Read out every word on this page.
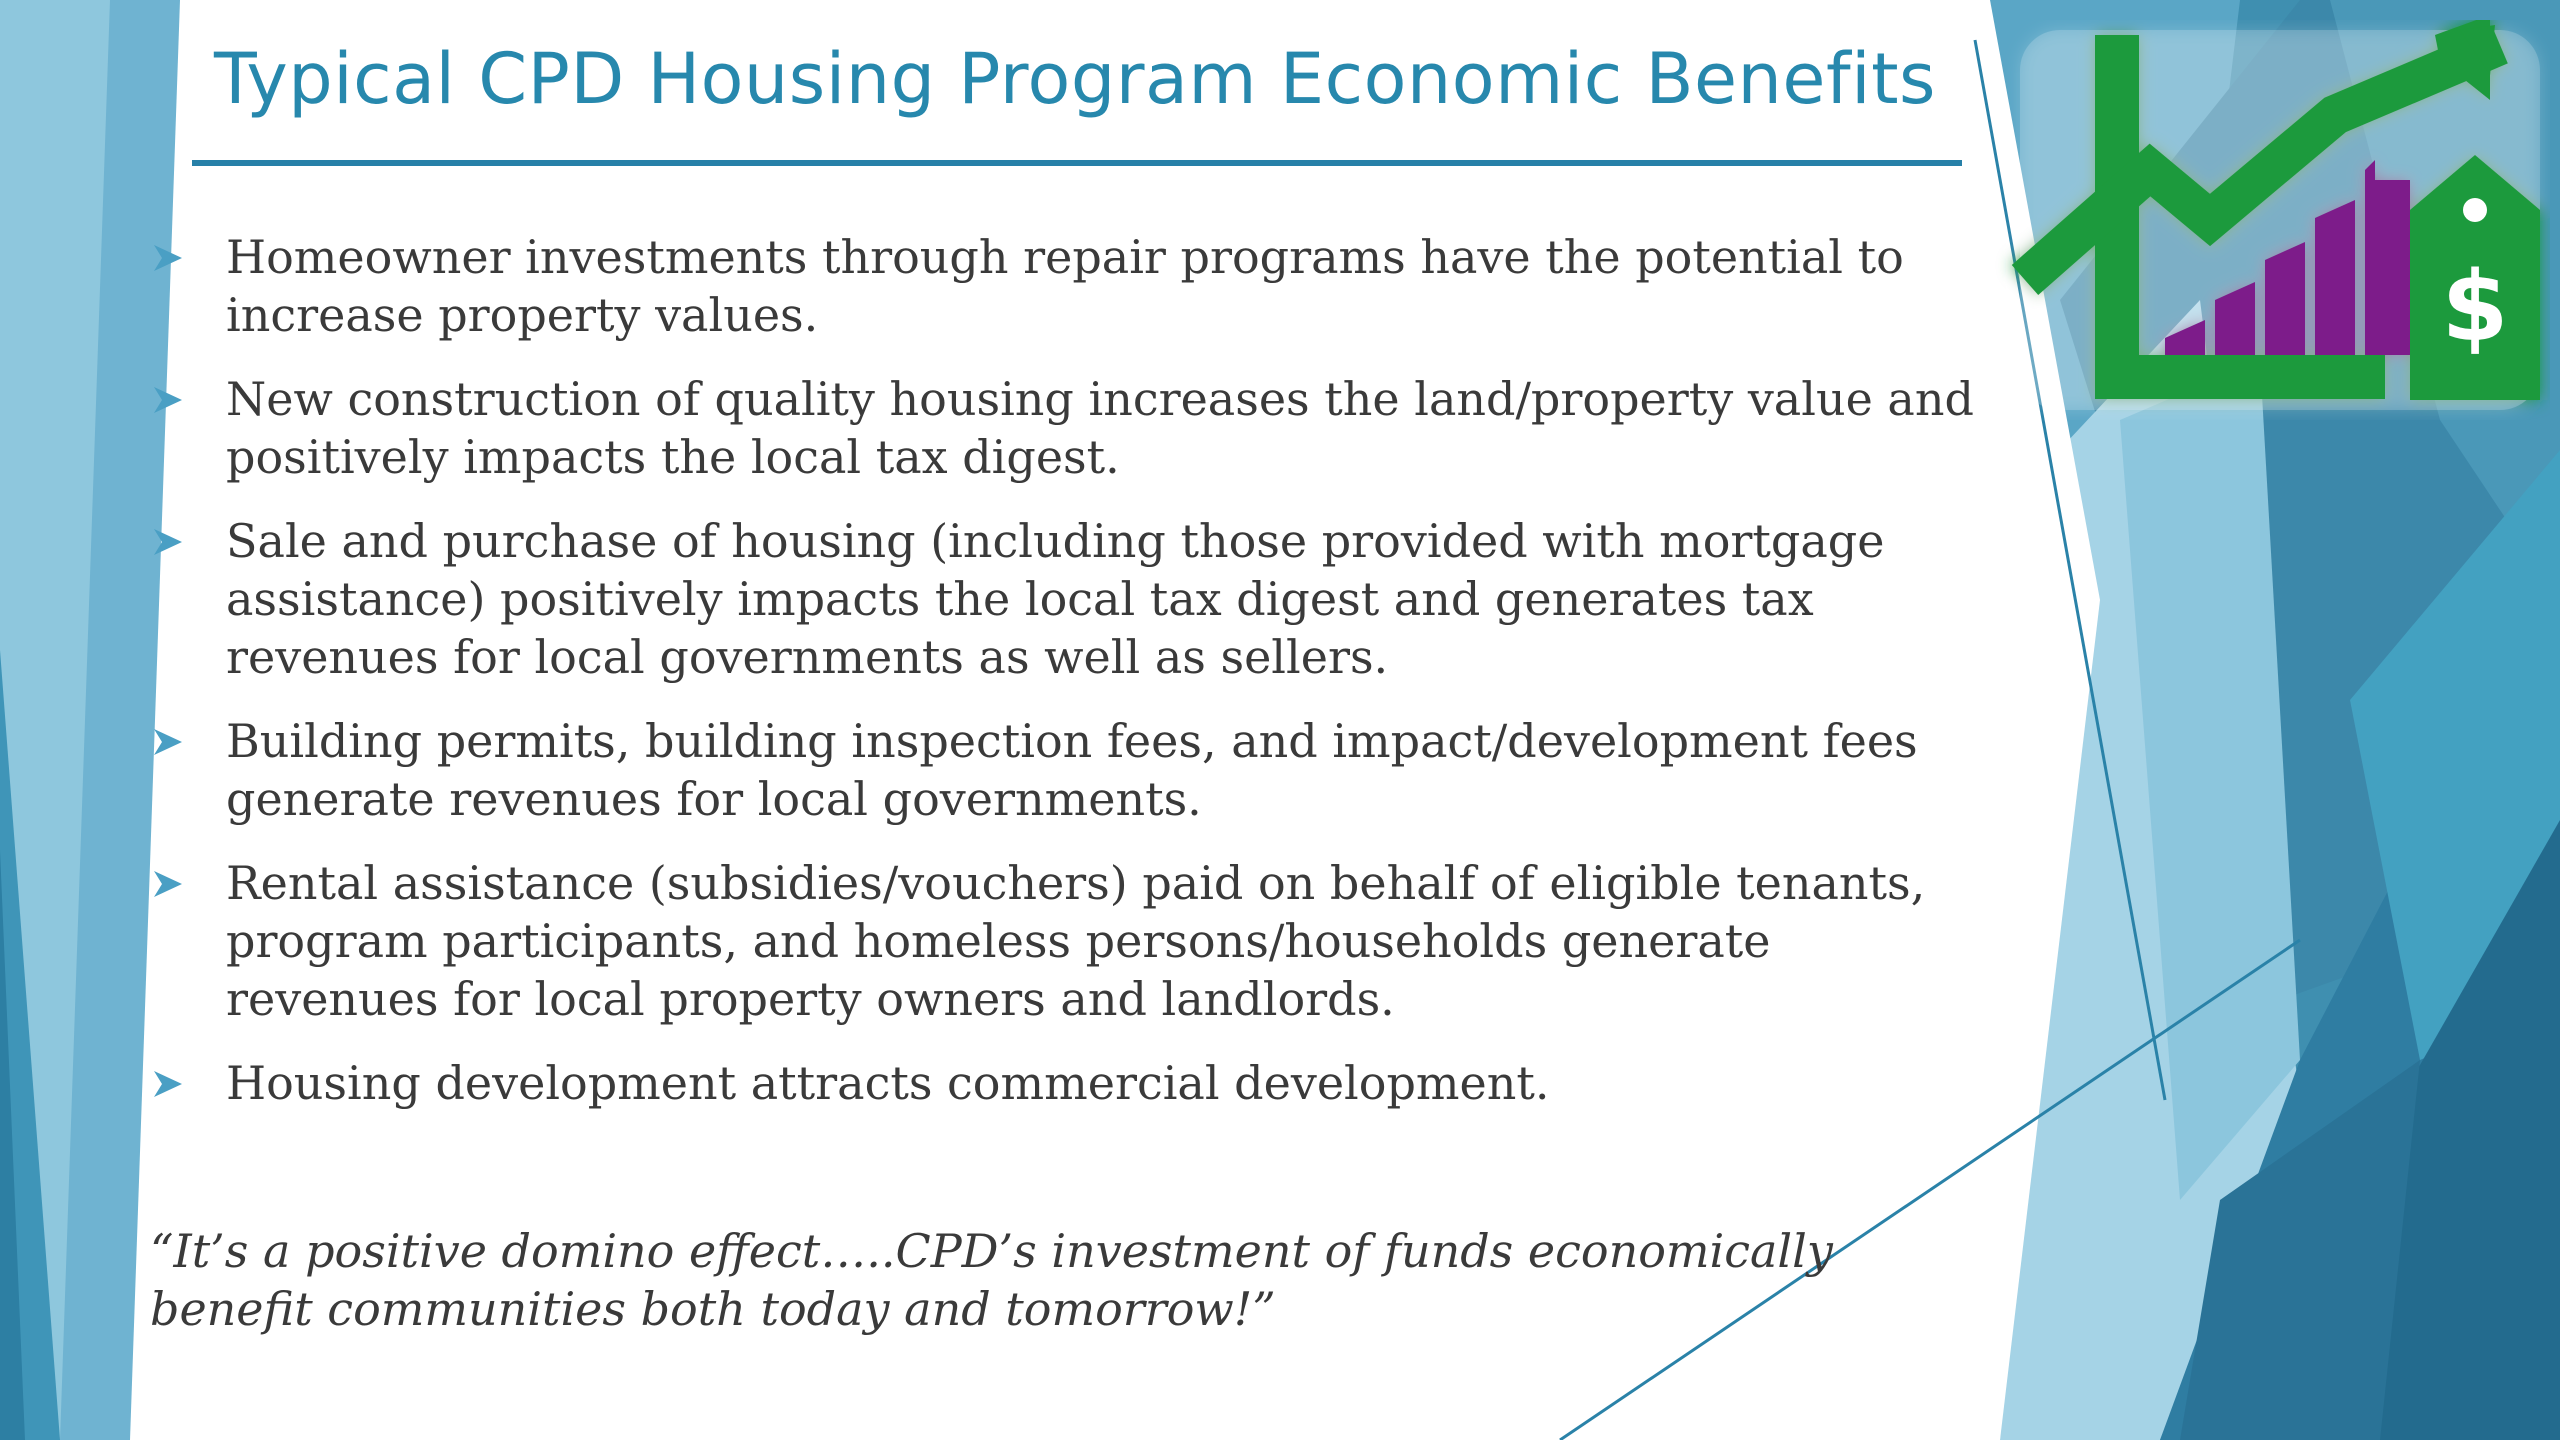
Typical CPD Housing Program Economic Benefits
$
Homeowner investments through repair programs have the potential to increase property values.
New construction of quality housing increases the land/property value and positively impacts the local tax digest.
Sale and purchase of housing (including those provided with mortgage assistance) positively impacts the local tax digest and generates tax revenues for local governments as well as sellers.
Building permits, building inspection fees, and impact/development fees generate revenues for local governments.
Rental assistance (subsidies/vouchers) paid on behalf of eligible tenants, program participants, and homeless persons/households generate revenues for local property owners and landlords.
Housing development attracts commercial development.
“It’s a positive domino effect…..CPD’s investment of funds economically benefit communities both today and tomorrow!”
